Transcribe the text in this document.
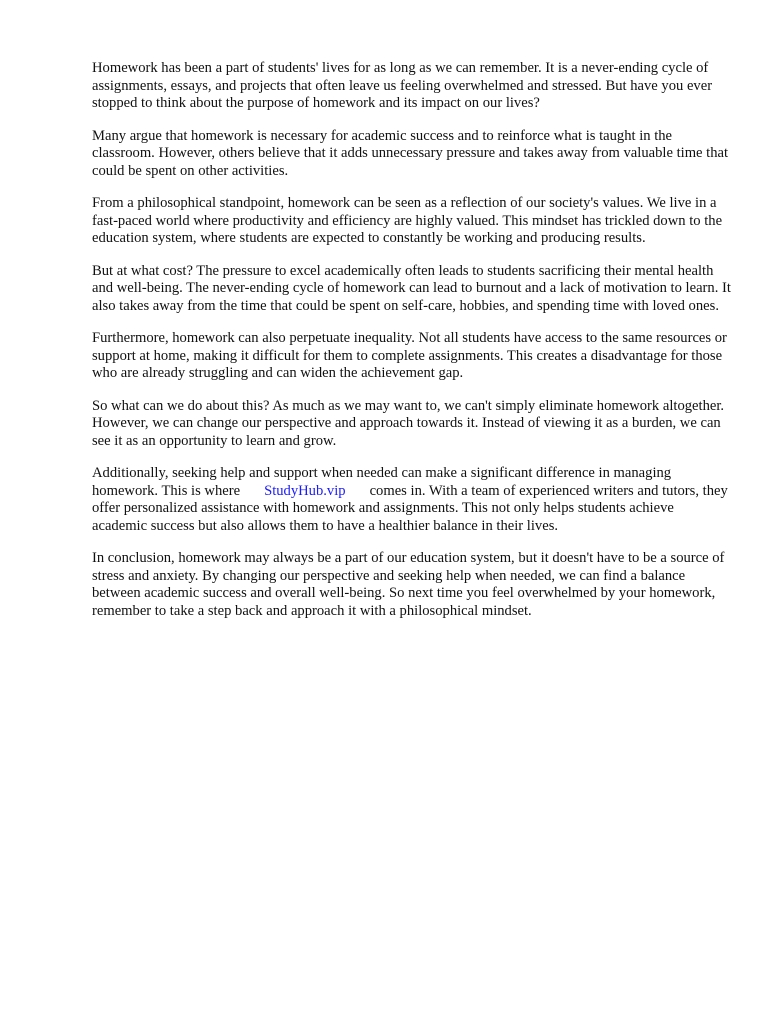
Homework has been a part of students' lives for as long as we can remember. It is a never-ending cycle of assignments, essays, and projects that often leave us feeling overwhelmed and stressed. But have you ever stopped to think about the purpose of homework and its impact on our lives?

Many argue that homework is necessary for academic success and to reinforce what is taught in the classroom. However, others believe that it adds unnecessary pressure and takes away from valuable time that could be spent on other activities.

From a philosophical standpoint, homework can be seen as a reflection of our society's values. We live in a fast-paced world where productivity and efficiency are highly valued. This mindset has trickled down to the education system, where students are expected to constantly be working and producing results.

But at what cost? The pressure to excel academically often leads to students sacrificing their mental health and well-being. The never-ending cycle of homework can lead to burnout and a lack of motivation to learn. It also takes away from the time that could be spent on self-care, hobbies, and spending time with loved ones.

Furthermore, homework can also perpetuate inequality. Not all students have access to the same resources or support at home, making it difficult for them to complete assignments. This creates a disadvantage for those who are already struggling and can widen the achievement gap.

So what can we do about this? As much as we may want to, we can't simply eliminate homework altogether. However, we can change our perspective and approach towards it. Instead of viewing it as a burden, we can see it as an opportunity to learn and grow.

Additionally, seeking help and support when needed can make a significant difference in managing homework. This is where StudyHub.vip comes in. With a team of experienced writers and tutors, they offer personalized assistance with homework and assignments. This not only helps students achieve academic success but also allows them to have a healthier balance in their lives.

In conclusion, homework may always be a part of our education system, but it doesn't have to be a source of stress and anxiety. By changing our perspective and seeking help when needed, we can find a balance between academic success and overall well-being. So next time you feel overwhelmed by your homework, remember to take a step back and approach it with a philosophical mindset.
